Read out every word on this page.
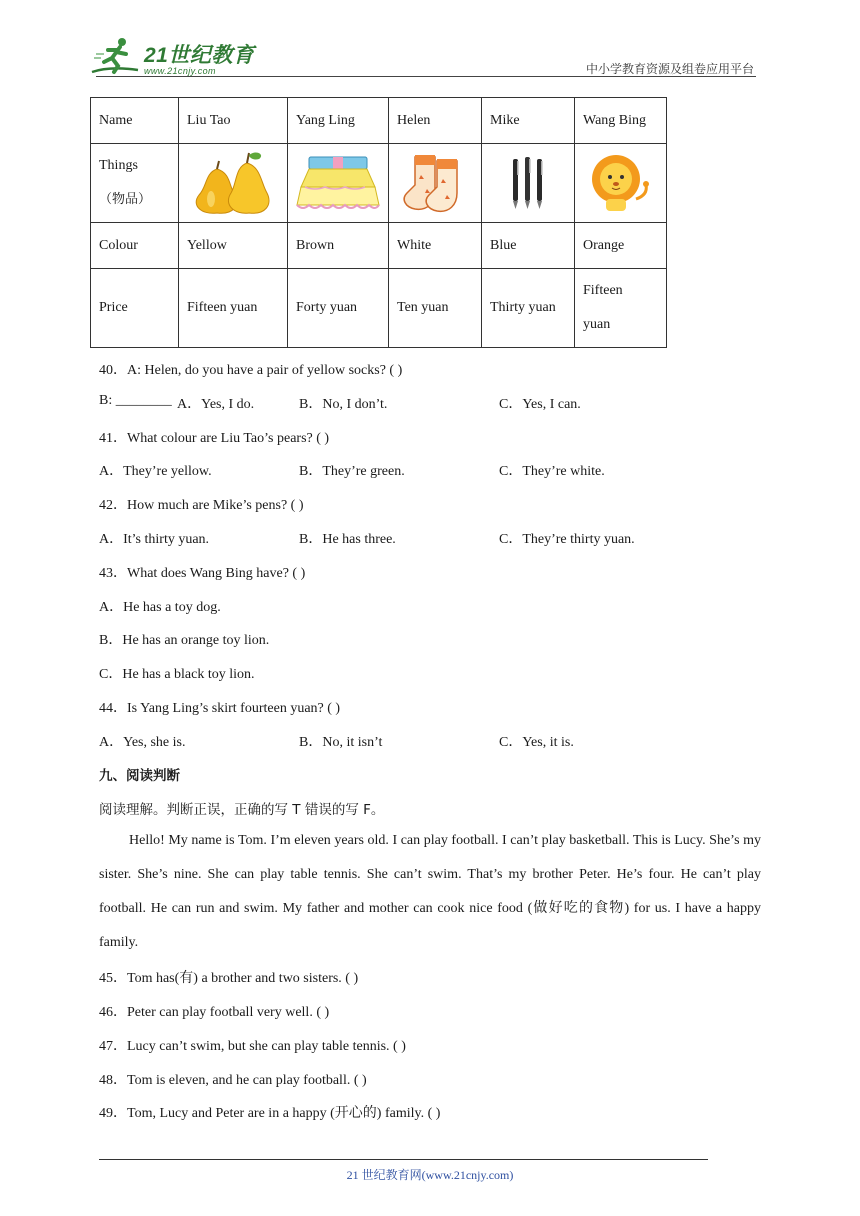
21世纪教育
www.21cnjy.com	中小学教育资源及组卷应用平台
Name	Liu Tao	Yang Ling	Helen	Mike	Wang Bing

Things
（物品）

Colour	Yellow	Brown	White	Blue	Orange
Price	Fifteen yuan	Forty yuan	Ten yuan	Thirty yuan	Fifteen
yuan
40．A: Helen, do you have a pair of yellow socks? ( )
B: ________ A．Yes, I do.	B．No, I don’t.	C．Yes, I can.
41．What colour are Liu Tao’s pears? ( )
A．They’re yellow.	B．They’re green.	C．They’re white.
42．How much are Mike’s pens? ( )
A．It’s thirty yuan.	B．He has three.	C．They’re thirty yuan.
43．What does Wang Bing have? ( )
A．He has a toy dog.
B．He has an orange toy lion.
C．He has a black toy lion.
44．Is Yang Ling’s skirt fourteen yuan? ( )
A．Yes, she is.	B．No, it isn’t	C．Yes, it is.
九、阅读判断
阅读理解。判断正误，正确的写 T 错误的写 F。
Hello! My name is Tom. I’m eleven years old. I can play football. I can’t play basketball. This is Lucy. She’s my sister. She’s nine. She can play table tennis. She can’t swim. That’s my brother Peter. He’s four. He can’t play football. He can run and swim. My father and mother can cook nice food (做好吃的食物) for us. I have a happy family.
45．Tom has(有) a brother and two sisters. ( )
46．Peter can play football very well. ( )
47．Lucy can’t swim, but she can play table tennis. ( )
48．Tom is eleven, and he can play football. ( )
49．Tom, Lucy and Peter are in a happy (开心的) family. ( )
21 世纪教育网(www.21cnjy.com)
